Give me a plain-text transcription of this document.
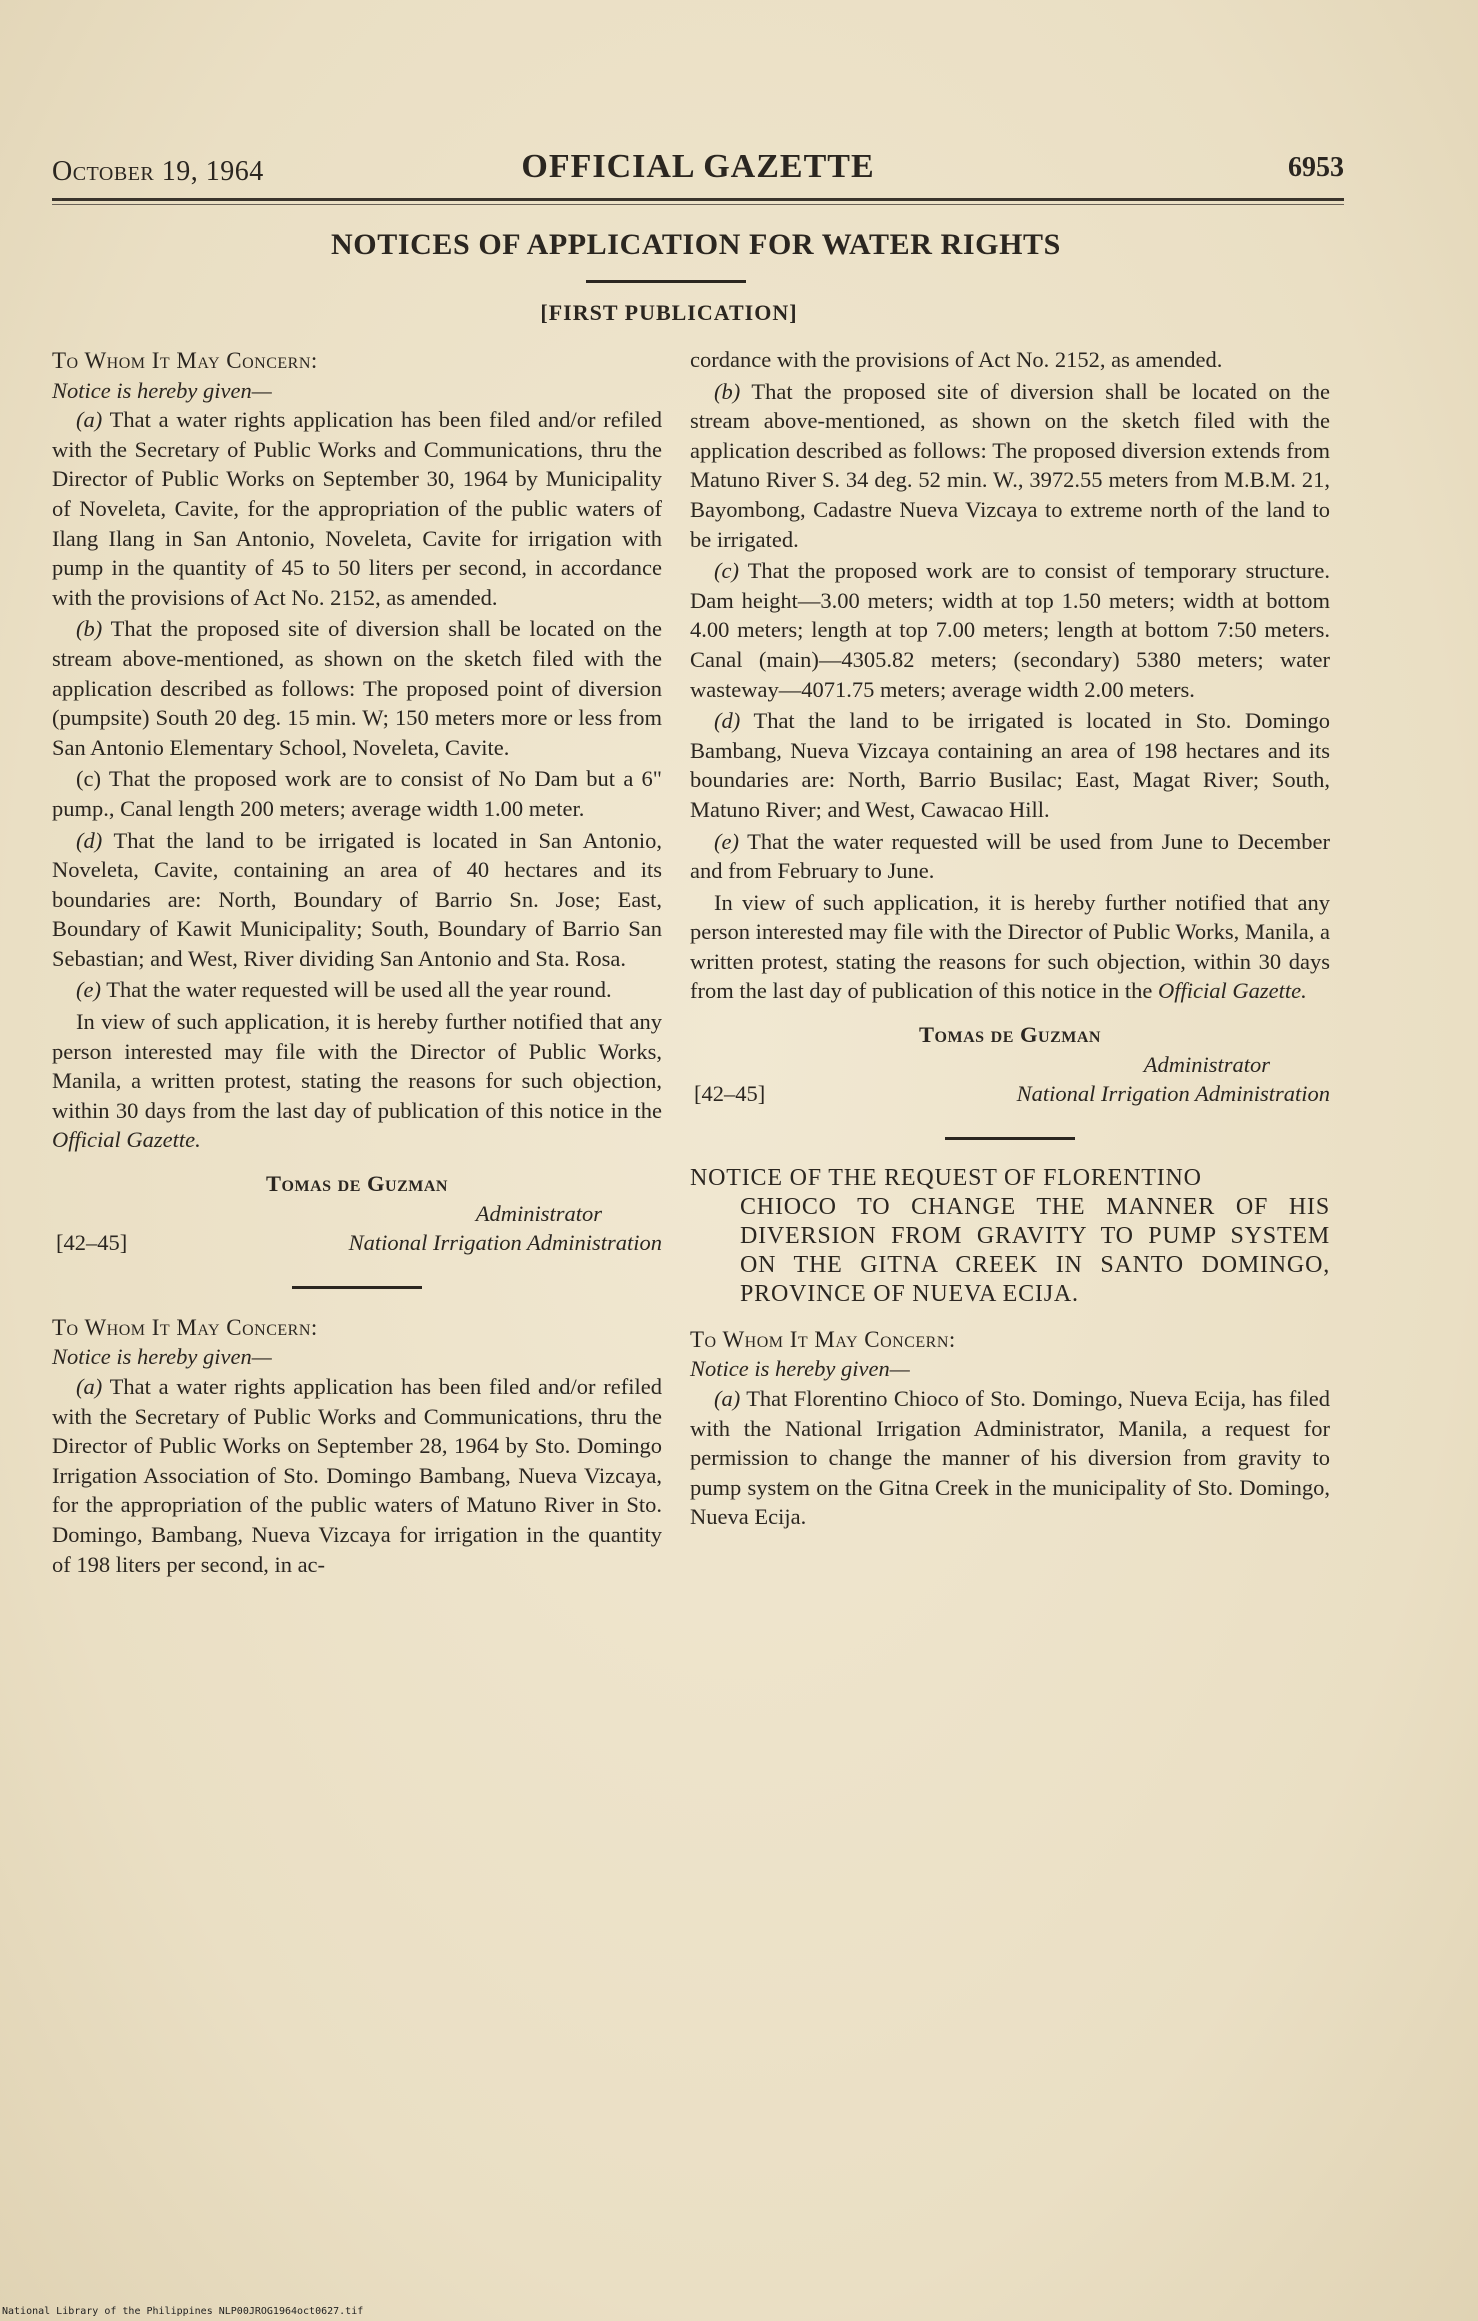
October 19, 1964	OFFICIAL GAZETTE	6953
NOTICES OF APPLICATION FOR WATER RIGHTS
[FIRST PUBLICATION]

To Whom It May Concern:

Notice is hereby given—

(a) That a water rights application has been filed and/or refiled with the Secretary of Public Works and Communications, thru the Director of Public Works on September 30, 1964 by Municipality of Noveleta, Cavite, for the appropriation of the public waters of Ilang Ilang in San Antonio, Noveleta, Cavite for irrigation with pump in the quantity of 45 to 50 liters per second, in accordance with the provisions of Act No. 2152, as amended.

(b) That the proposed site of diversion shall be located on the stream above-mentioned, as shown on the sketch filed with the application described as follows: The proposed point of diversion (pumpsite) South 20 deg. 15 min. W; 150 meters more or less from San Antonio Elementary School, Noveleta, Cavite.

(c) That the proposed work are to consist of No Dam but a 6" pump., Canal length 200 meters; average width 1.00 meter.

(d) That the land to be irrigated is located in San Antonio, Noveleta, Cavite, containing an area of 40 hectares and its boundaries are: North, Boundary of Barrio Sn. Jose; East, Boundary of Kawit Municipality; South, Boundary of Barrio San Sebastian; and West, River dividing San Antonio and Sta. Rosa.

(e) That the water requested will be used all the year round.

In view of such application, it is hereby further notified that any person interested may file with the Director of Public Works, Manila, a written protest, stating the reasons for such objection, within 30 days from the last day of publication of this notice in the Official Gazette.

Tomas de Guzman
Administrator
[42–45]	National Irrigation Administration

To Whom It May Concern:

Notice is hereby given—

(a) That a water rights application has been filed and/or refiled with the Secretary of Public Works and Communications, thru the Director of Public Works on September 28, 1964 by Sto. Domingo Irrigation Association of Sto. Domingo Bambang, Nueva Vizcaya, for the appropriation of the public waters of Matuno River in Sto. Domingo, Bambang, Nueva Vizcaya for irrigation in the quantity of 198 liters per second, in ac-

cordance with the provisions of Act No. 2152, as amended.

(b) That the proposed site of diversion shall be located on the stream above-mentioned, as shown on the sketch filed with the application described as follows: The proposed diversion extends from Matuno River S. 34 deg. 52 min. W., 3972.55 meters from M.B.M. 21, Bayombong, Cadastre Nueva Vizcaya to extreme north of the land to be irrigated.

(c) That the proposed work are to consist of temporary structure. Dam height—3.00 meters; width at top 1.50 meters; width at bottom 4.00 meters; length at top 7.00 meters; length at bottom 7:50 meters. Canal (main)—4305.82 meters; (secondary) 5380 meters; water wasteway—4071.75 meters; average width 2.00 meters.

(d) That the land to be irrigated is located in Sto. Domingo Bambang, Nueva Vizcaya containing an area of 198 hectares and its boundaries are: North, Barrio Busilac; East, Magat River; South, Matuno River; and West, Cawacao Hill.

(e) That the water requested will be used from June to December and from February to June.

In view of such application, it is hereby further notified that any person interested may file with the Director of Public Works, Manila, a written protest, stating the reasons for such objection, within 30 days from the last day of publication of this notice in the Official Gazette.

Tomas de Guzman
Administrator
[42–45]	National Irrigation Administration
NOTICE OF THE REQUEST OF FLORENTINO
CHIOCO TO CHANGE THE MANNER OF HIS DIVERSION FROM GRAVITY TO PUMP SYSTEM ON THE GITNA CREEK IN SANTO DOMINGO, PROVINCE OF NUEVA ECIJA.

To Whom It May Concern:

Notice is hereby given—

(a) That Florentino Chioco of Sto. Domingo, Nueva Ecija, has filed with the National Irrigation Administrator, Manila, a request for permission to change the manner of his diversion from gravity to pump system on the Gitna Creek in the municipality of Sto. Domingo, Nueva Ecija.

National Library of the Philippines NLP00JROG1964oct0627.tif
